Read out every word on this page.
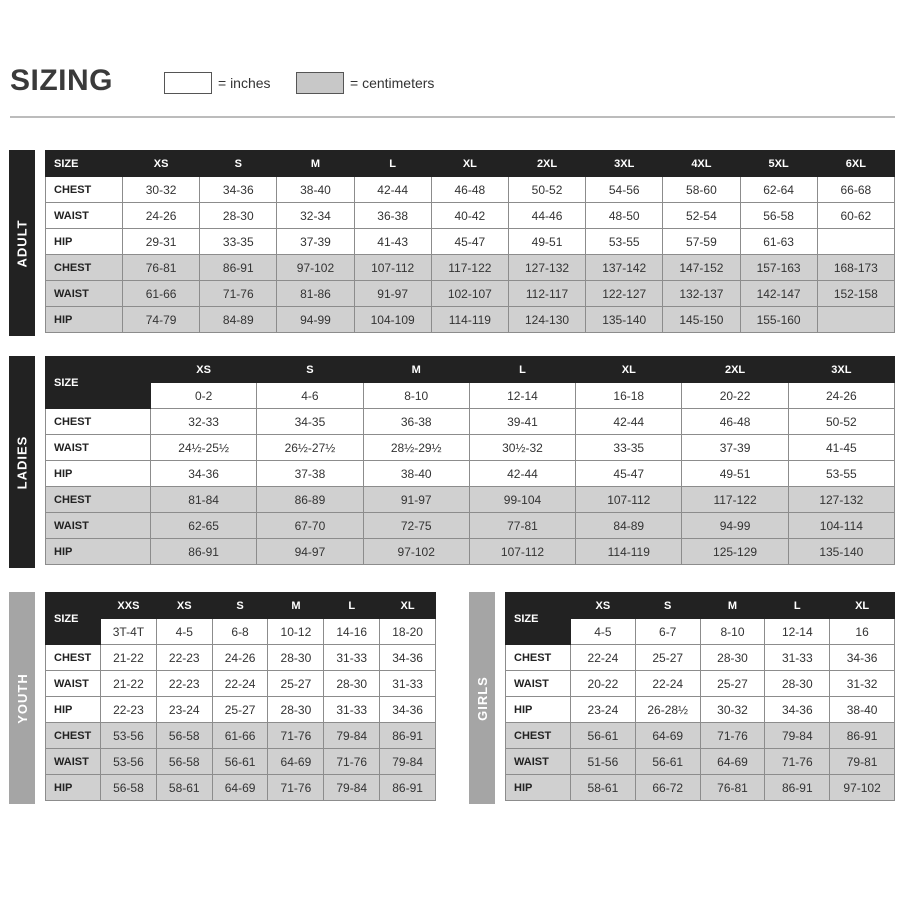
SIZING	= inches	= centimeters
ADULT
SIZE	XS	S	M	L	XL	2XL	3XL	4XL	5XL	6XL
CHEST	30-32	34-36	38-40	42-44	46-48	50-52	54-56	58-60	62-64	66-68
WAIST	24-26	28-30	32-34	36-38	40-42	44-46	48-50	52-54	56-58	60-62
HIP	29-31	33-35	37-39	41-43	45-47	49-51	53-55	57-59	61-63	
CHEST	76-81	86-91	97-102	107-112	117-122	127-132	137-142	147-152	157-163	168-173
WAIST	61-66	71-76	81-86	91-97	102-107	112-117	122-127	132-137	142-147	152-158
HIP	74-79	84-89	94-99	104-109	114-119	124-130	135-140	145-150	155-160	
LADIES
SIZE	XS	S	M	L	XL	2XL	3XL
	0-2	4-6	8-10	12-14	16-18	20-22	24-26
CHEST	32-33	34-35	36-38	39-41	42-44	46-48	50-52
WAIST	24½-25½	26½-27½	28½-29½	30½-32	33-35	37-39	41-45
HIP	34-36	37-38	38-40	42-44	45-47	49-51	53-55
CHEST	81-84	86-89	91-97	99-104	107-112	117-122	127-132
WAIST	62-65	67-70	72-75	77-81	84-89	94-99	104-114
HIP	86-91	94-97	97-102	107-112	114-119	125-129	135-140
YOUTH
SIZE	XXS	XS	S	M	L	XL
	3T-4T	4-5	6-8	10-12	14-16	18-20
CHEST	21-22	22-23	24-26	28-30	31-33	34-36
WAIST	21-22	22-23	22-24	25-27	28-30	31-33
HIP	22-23	23-24	25-27	28-30	31-33	34-36
CHEST	53-56	56-58	61-66	71-76	79-84	86-91
WAIST	53-56	56-58	56-61	64-69	71-76	79-84
HIP	56-58	58-61	64-69	71-76	79-84	86-91
GIRLS
SIZE	XS	S	M	L	XL
	4-5	6-7	8-10	12-14	16
CHEST	22-24	25-27	28-30	31-33	34-36
WAIST	20-22	22-24	25-27	28-30	31-32
HIP	23-24	26-28½	30-32	34-36	38-40
CHEST	56-61	64-69	71-76	79-84	86-91
WAIST	51-56	56-61	64-69	71-76	79-81
HIP	58-61	66-72	76-81	86-91	97-102
